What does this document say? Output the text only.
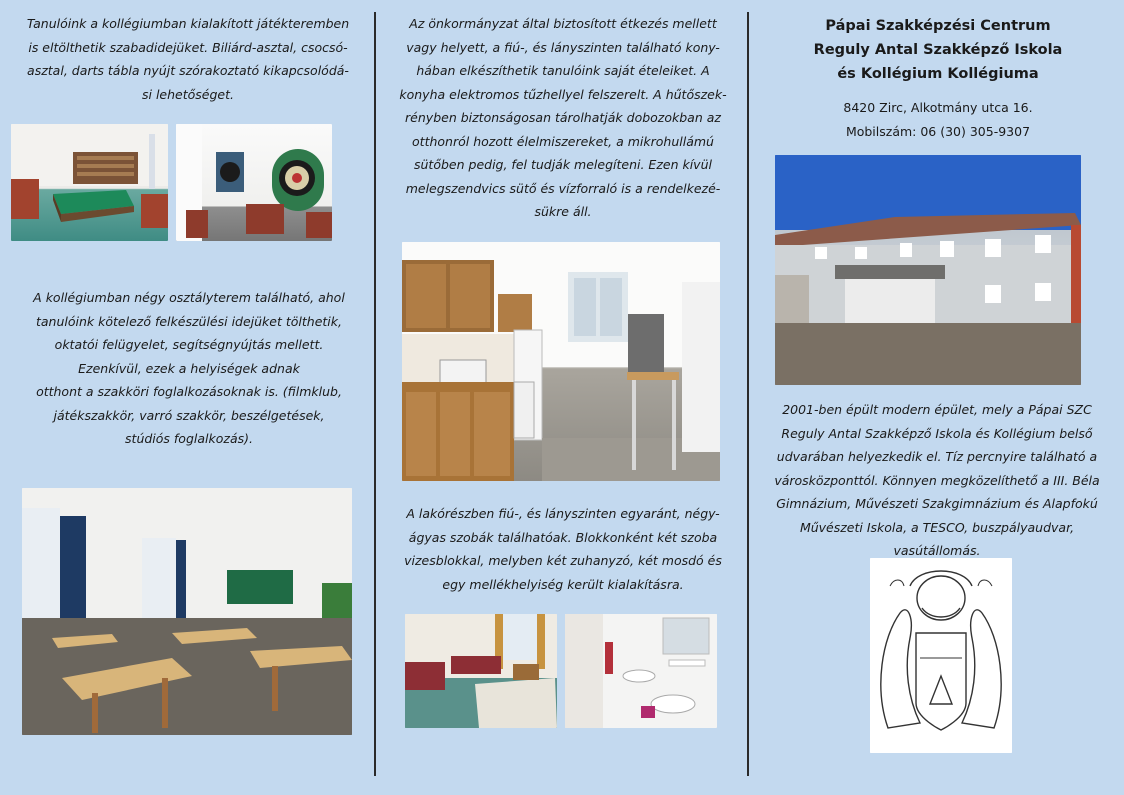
Tanulóink a kollégiumban kialakított játékteremben

is eltölthetik szabadidejüket. Biliárd-asztal, csocsó-

asztal, darts tábla nyújt szórakoztató kikapcsolódá-

si lehetőséget.

A kollégiumban négy osztályterem található, ahol

tanulóink kötelező felkészülési idejüket tölthetik,

oktatói felügyelet, segítségnyújtás mellett.

Ezenkívül, ezek a helyiségek adnak

otthont a szakköri foglalkozásoknak is. (filmklub,

játékszakkör, varró szakkör, beszélgetések,

stúdiós foglalkozás).

Az önkormányzat által biztosított étkezés mellett

vagy helyett, a fiú-, és lányszinten található kony-

hában elkészíthetik tanulóink saját ételeiket. A

konyha elektromos tűzhellyel felszerelt. A hűtőszek-

rényben biztonságosan tárolhatják dobozokban az

otthonról hozott élelmiszereket, a mikrohullámú

sütőben pedig, fel tudják melegíteni. Ezen kívül

melegszendvics sütő és vízforraló is a rendelkezé-

sükre áll.

A lakórészben fiú-, és lányszinten egyaránt, négy-

ágyas szobák találhatóak. Blokkonként két szoba

vizesblokkal, melyben két zuhanyzó, két mosdó és

egy mellékhelyiség került kialakításra.

Pápai Szakképzési Centrum
Reguly Antal Szakképző Iskola
és Kollégium Kollégiuma
8420 Zirc, Alkotmány utca 16.
Mobilszám: 06 (30) 305-9307

2001-ben épült modern épület, mely a Pápai SZC

Reguly Antal Szakképző Iskola és Kollégium belső

udvarában helyezkedik el. Tíz percnyire található a

városközponttól. Könnyen megközelíthető a III. Béla

Gimnázium, Művészeti Szakgimnázium és Alapfokú

Művészeti Iskola, a TESCO, buszpályaudvar,

vasútállomás.
